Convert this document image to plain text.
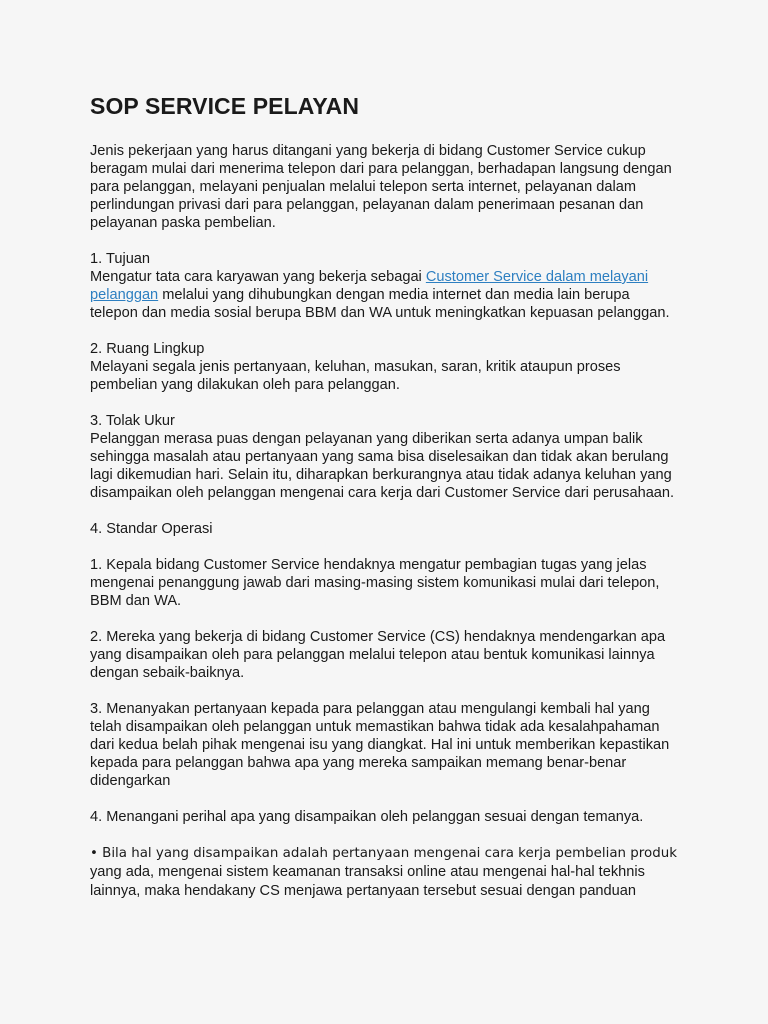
SOP SERVICE PELAYAN

Jenis pekerjaan yang harus ditangani yang bekerja di bidang Customer Service cukup beragam mulai dari menerima telepon dari para pelanggan, berhadapan langsung dengan para pelanggan, melayani penjualan melalui telepon serta internet, pelayanan dalam perlindungan privasi dari para pelanggan, pelayanan dalam penerimaan pesanan dan pelayanan paska pembelian.

1. Tujuan

Mengatur tata cara karyawan yang bekerja sebagai Customer Service dalam melayani pelanggan melalui yang dihubungkan dengan media internet dan media lain berupa telepon dan media sosial berupa BBM dan WA untuk meningkatkan kepuasan pelanggan.

2. Ruang Lingkup

Melayani segala jenis pertanyaan, keluhan, masukan, saran, kritik ataupun proses pembelian yang dilakukan oleh para pelanggan.

3. Tolak Ukur

Pelanggan merasa puas dengan pelayanan yang diberikan serta adanya umpan balik sehingga masalah atau pertanyaan yang sama bisa diselesaikan dan tidak akan berulang lagi dikemudian hari. Selain itu, diharapkan berkurangnya atau tidak adanya keluhan yang disampaikan oleh pelanggan mengenai cara kerja dari Customer Service dari perusahaan.

4. Standar Operasi

1. Kepala bidang Customer Service hendaknya mengatur pembagian tugas yang jelas mengenai penanggung jawab dari masing-masing sistem komunikasi mulai dari telepon, BBM dan WA.

2. Mereka yang bekerja di bidang Customer Service (CS) hendaknya mendengarkan apa yang disampaikan oleh para pelanggan melalui telepon atau bentuk komunikasi lainnya dengan sebaik-baiknya.

3. Menanyakan pertanyaan kepada para pelanggan atau mengulangi kembali hal yang telah disampaikan oleh pelanggan untuk memastikan bahwa tidak ada kesalahpahaman dari kedua belah pihak mengenai isu yang diangkat. Hal ini untuk memberikan kepastikan kepada para pelanggan bahwa apa yang mereka sampaikan memang benar-benar didengarkan

4. Menangani perihal apa yang disampaikan oleh pelanggan sesuai dengan temanya.

• Bila hal yang disampaikan adalah pertanyaan mengenai cara kerja pembelian produk yang ada, mengenai sistem keamanan transaksi online atau mengenai hal-hal tekhnis lainnya, maka hendakany CS menjawa pertanyaan tersebut sesuai dengan panduan
